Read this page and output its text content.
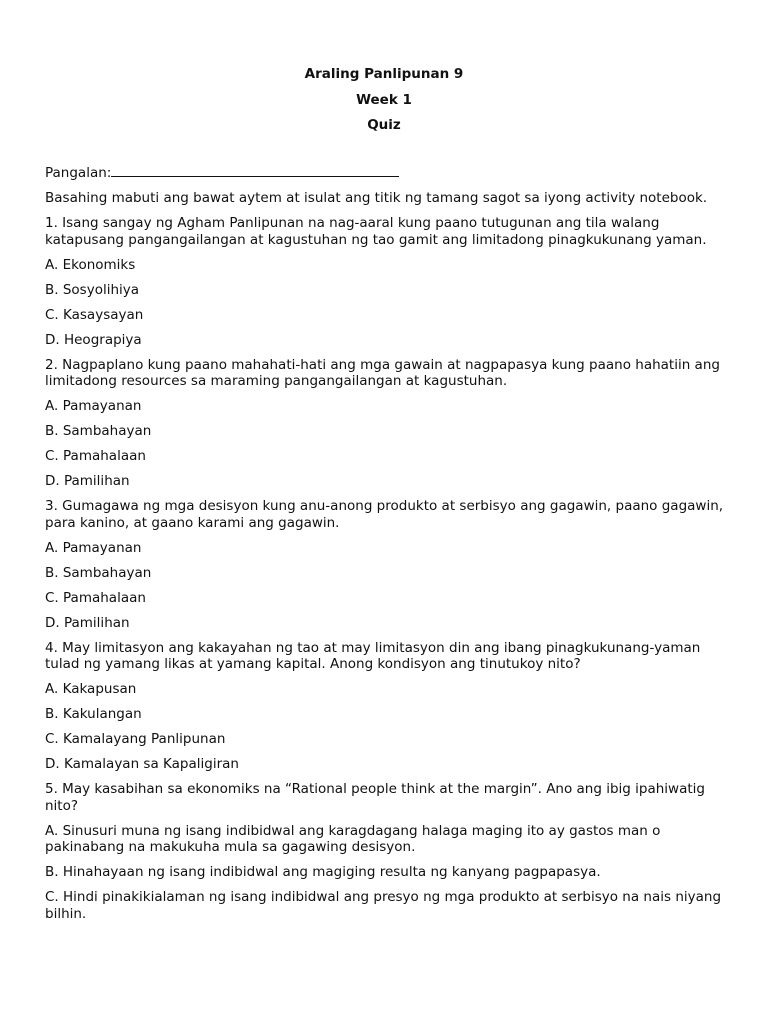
Araling Panlipunan 9
Week 1
Quiz
Pangalan:
Basahing mabuti ang bawat aytem at isulat ang titik ng tamang sagot sa iyong activity notebook.
1. Isang sangay ng Agham Panlipunan na nag-aaral kung paano tutugunan ang tila walang katapusang pangangailangan at kagustuhan ng tao gamit ang limitadong pinagkukunang yaman.
A. Ekonomiks
B. Sosyolihiya
C. Kasaysayan
D. Heograpiya
2. Nagpaplano kung paano mahahati-hati ang mga gawain at nagpapasya kung paano hahatiin ang limitadong resources sa maraming pangangailangan at kagustuhan.
A. Pamayanan
B. Sambahayan
C. Pamahalaan
D. Pamilihan
3. Gumagawa ng mga desisyon kung anu-anong produkto at serbisyo ang gagawin, paano gagawin, para kanino, at gaano karami ang gagawin.
A. Pamayanan
B. Sambahayan
C. Pamahalaan
D. Pamilihan
4. May limitasyon ang kakayahan ng tao at may limitasyon din ang ibang pinagkukunang-yaman tulad ng yamang likas at yamang kapital. Anong kondisyon ang tinutukoy nito?
A. Kakapusan
B. Kakulangan
C. Kamalayang Panlipunan
D. Kamalayan sa Kapaligiran
5. May kasabihan sa ekonomiks na “Rational people think at the margin”. Ano ang ibig ipahiwatig nito?
A. Sinusuri muna ng isang indibidwal ang karagdagang halaga maging ito ay gastos man o pakinabang na makukuha mula sa gagawing desisyon.
B. Hinahayaan ng isang indibidwal ang magiging resulta ng kanyang pagpapasya.
C. Hindi pinakikialaman ng isang indibidwal ang presyo ng mga produkto at serbisyo na nais niyang bilhin.
